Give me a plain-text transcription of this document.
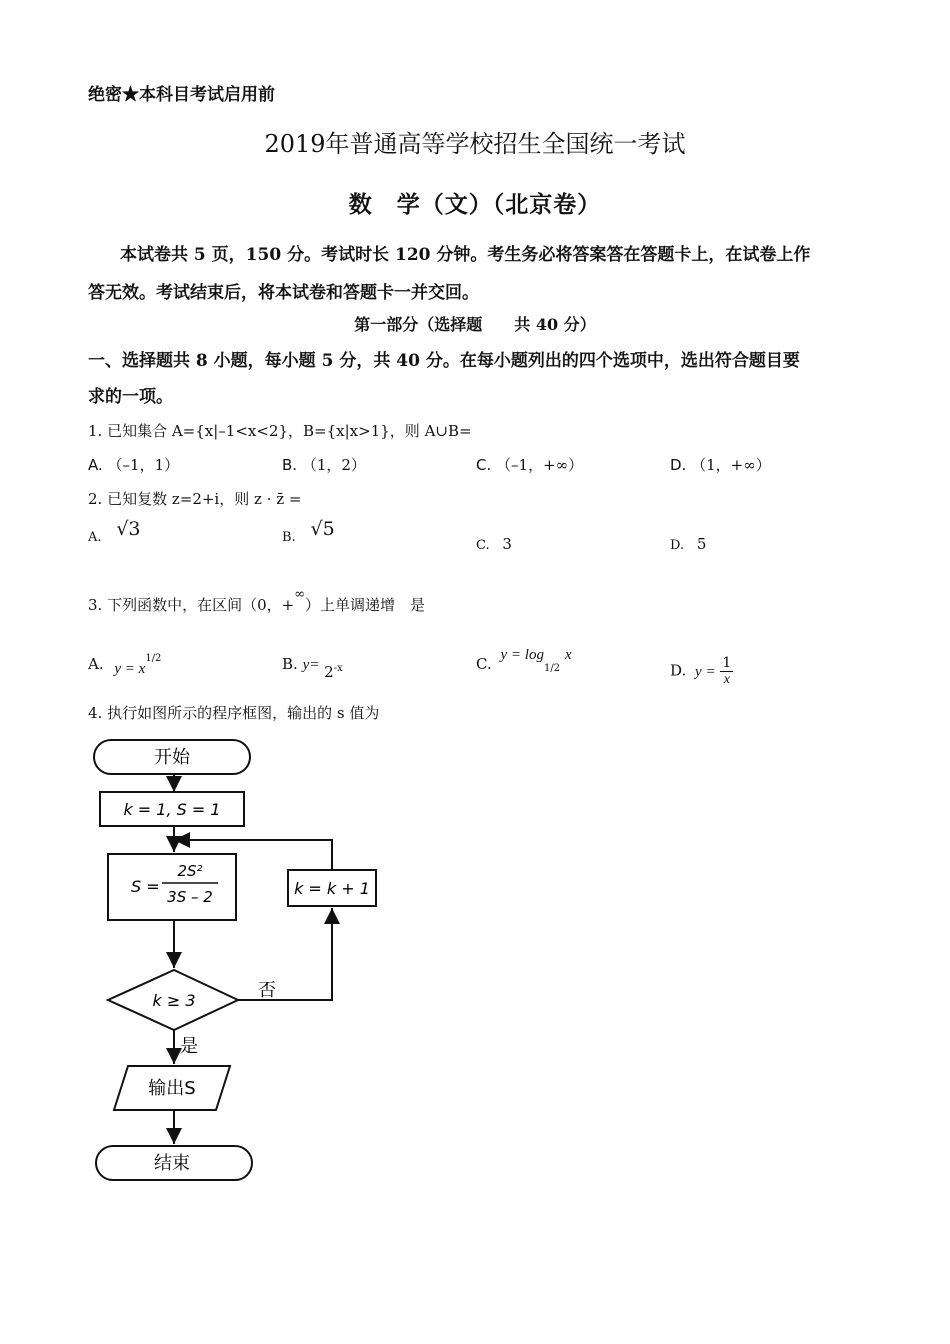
绝密★本科目考试启用前
2019年普通高等学校招生全国统一考试
数　学（文）（北京卷）
本试卷共 5 页，150 分。考试时长 120 分钟。考生务必将答案答在答题卡上，在试卷上作
答无效。考试结束后，将本试卷和答题卡一并交回。
第一部分（选择题　　共 40 分）
一、选择题共 8 小题，每小题 5 分，共 40 分。在每小题列出的四个选项中，选出符合题目要
求的一项。
1. 已知集合 A={x|–1<x<2}，B={x|x>1}，则 A∪B=
A. （–1，1）	B. （1，2）	C. （–1，+∞）	D. （1，+∞）
2. 已知复数 z=2+i，则 z · z̄ =
A. √3	B. √5
C. 3	D. 5
3. 下列函数中，在区间（0，+∞）上单调递增　是
A. $y = x^{1/2}$	B. y= 2-x	C. y = log1/2 x
D. $y = \frac{1}{x}$
4. 执行如图所示的程序框图，输出的 s 值为
开始
k = 1, S = 1
S =
2S²
3S – 2
k ≥ 3	否
k = k + 1
是
输出S
结束
